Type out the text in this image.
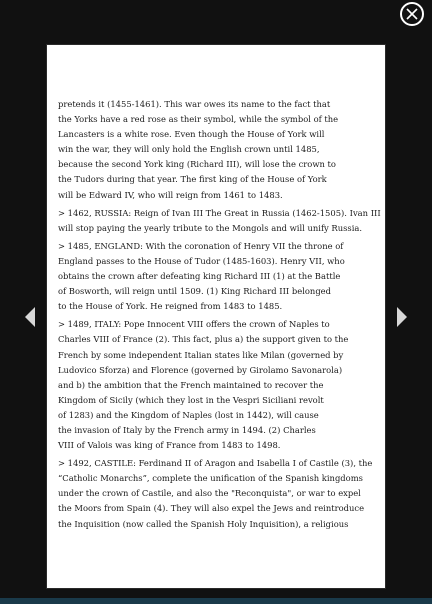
pretends it (1455-1461). This war owes its name to the fact that
the Yorks have a red rose as their symbol, while the symbol of the
Lancasters is a white rose. Even though the House of York will
win the war, they will only hold the English crown until 1485,
because the second York king (Richard III), will lose the crown to
the Tudors during that year. The first king of the House of York
will be Edward IV, who will reign from 1461 to 1483.
> 1462, RUSSIA: Reign of Ivan III The Great in Russia (1462-1505). Ivan III
will stop paying the yearly tribute to the Mongols and will unify Russia.
> 1485, ENGLAND: With the coronation of Henry VII the throne of
England passes to the House of Tudor (1485-1603). Henry VII, who
obtains the crown after defeating king Richard III (1) at the Battle
of Bosworth, will reign until 1509. (1) King Richard III belonged
to the House of York. He reigned from 1483 to 1485.
> 1489, ITALY: Pope Innocent VIII offers the crown of Naples to
Charles VIII of France (2). This fact, plus a) the support given to the
French by some independent Italian states like Milan (governed by
Ludovico Sforza) and Florence (governed by Girolamo Savonarola)
and b) the ambition that the French maintained to recover the
Kingdom of Sicily (which they lost in the Vespri Siciliani revolt
of 1283) and the Kingdom of Naples (lost in 1442), will cause
the invasion of Italy by the French army in 1494. (2) Charles
VIII of Valois was king of France from 1483 to 1498.
> 1492, CASTILE: Ferdinand II of Aragon and Isabella I of Castile (3), the
“Catholic Monarchs”, complete the unification of the Spanish kingdoms
under the crown of Castile, and also the "Reconquista", or war to expel
the Moors from Spain (4). They will also expel the Jews and reintroduce
the Inquisition (now called the Spanish Holy Inquisition), a religious
